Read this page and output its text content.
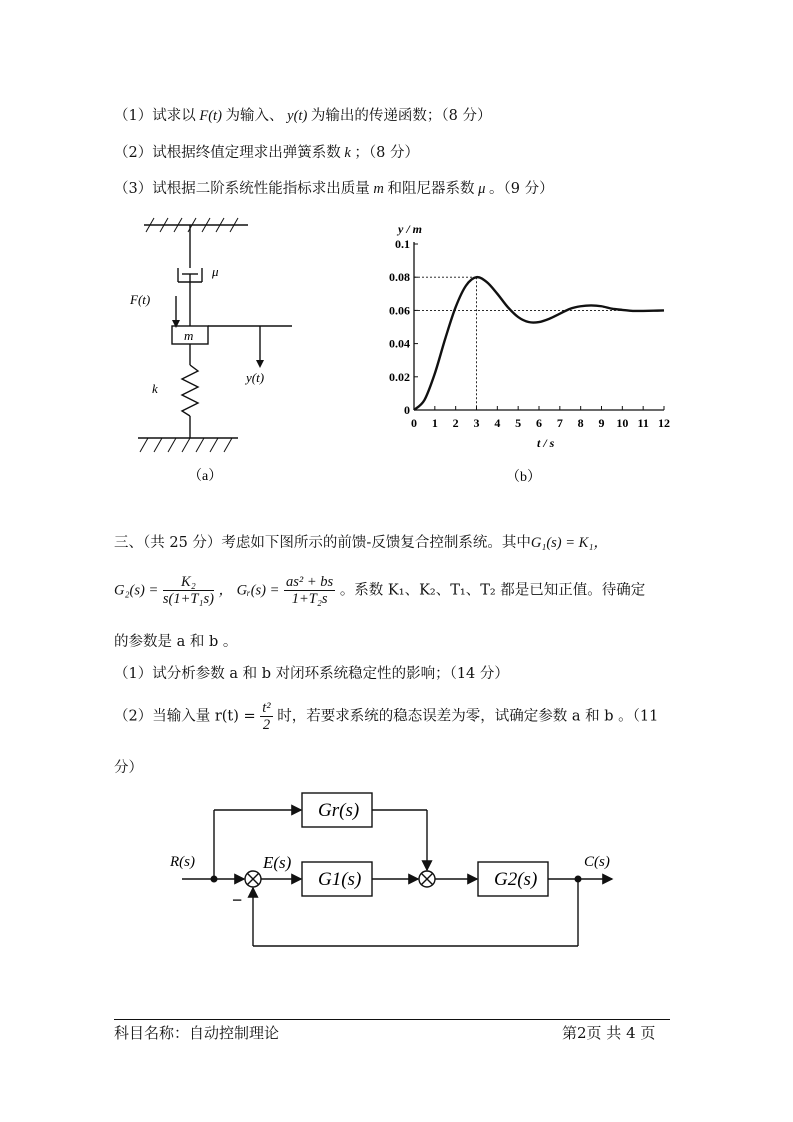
（1）试求以 F(t) 为输入、 y(t) 为输出的传递函数；（8 分）
（2）试根据终值定理求出弹簧系数 k ；（8 分）
（3）试根据二阶系统性能指标求出质量 m 和阻尼器系数 μ 。（9 分）
μ
F(t)
m
k
y(t)
（a）
0 1 2 3 4 5 6 7 8 9 10 11 12
0
0.02
0.04
0.06
0.08
0.1
y / m
t / s
（b）
三、（共 25 分）考虑如下图所示的前馈-反馈复合控制系统。其中G₁(s) = K₁，
$G_2(s) = \frac{\text{K₂}}{\text{s(1+T₁s)}}$ ， Gᵣ(s) = $\frac{\text{as² + bs}}{\text{1+T₂s}}$ 。系数 K₁、K₂、T₁、T₂ 都是已知正值。待确定
的参数是 a 和 b 。
（1）试分析参数 a 和 b 对闭环系统稳定性的影响；（14 分）
（2）当输入量 $r(t) = \frac{\text{t²}}{2}$ 时，若要求系统的稳态误差为零，试确定参数 a 和 b 。（11
分）
Gr(s)
G1(s)	G2(s)
R(s)	E(s)	C(s)
−
科目名称：自动控制理论	第2页 共 4 页
